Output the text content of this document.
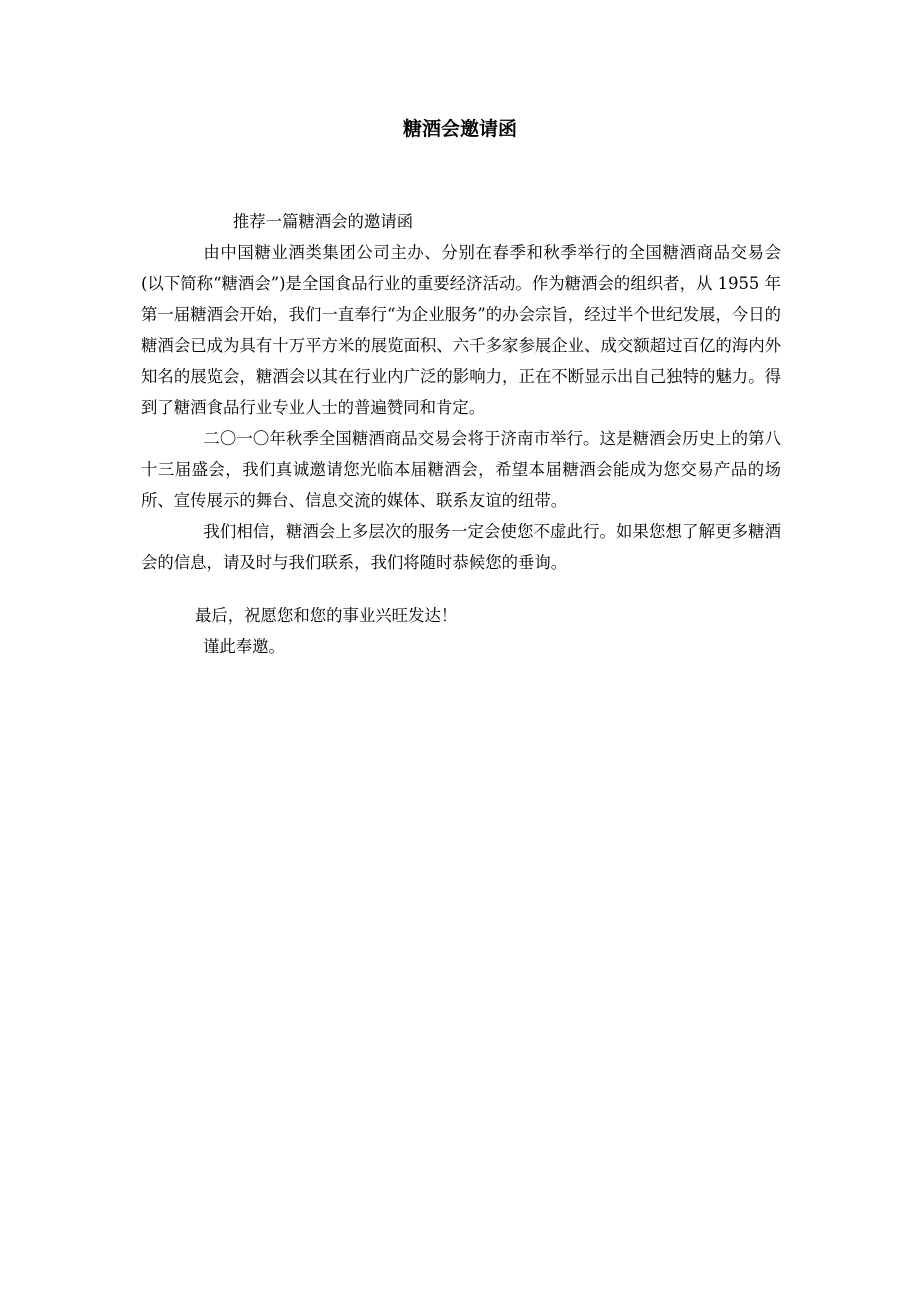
糖酒会邀请函

推荐一篇糖酒会的邀请函

由中国糖业酒类集团公司主办、分别在春季和秋季举行的全国糖酒商品交易会(以下简称“糖酒会”)是全国食品行业的重要经济活动。作为糖酒会的组织者，从 1955 年第一届糖酒会开始，我们一直奉行“为企业服务”的办会宗旨，经过半个世纪发展，今日的糖酒会已成为具有十万平方米的展览面积、六千多家参展企业、成交额超过百亿的海内外知名的展览会，糖酒会以其在行业内广泛的影响力，正在不断显示出自己独特的魅力。得到了糖酒食品行业专业人士的普遍赞同和肯定。

二〇一〇年秋季全国糖酒商品交易会将于济南市举行。这是糖酒会历史上的第八十三届盛会，我们真诚邀请您光临本届糖酒会，希望本届糖酒会能成为您交易产品的场所、宣传展示的舞台、信息交流的媒体、联系友谊的纽带。

我们相信，糖酒会上多层次的服务一定会使您不虚此行。如果您想了解更多糖酒会的信息，请及时与我们联系，我们将随时恭候您的垂询。

最后，祝愿您和您的事业兴旺发达！

谨此奉邀。
